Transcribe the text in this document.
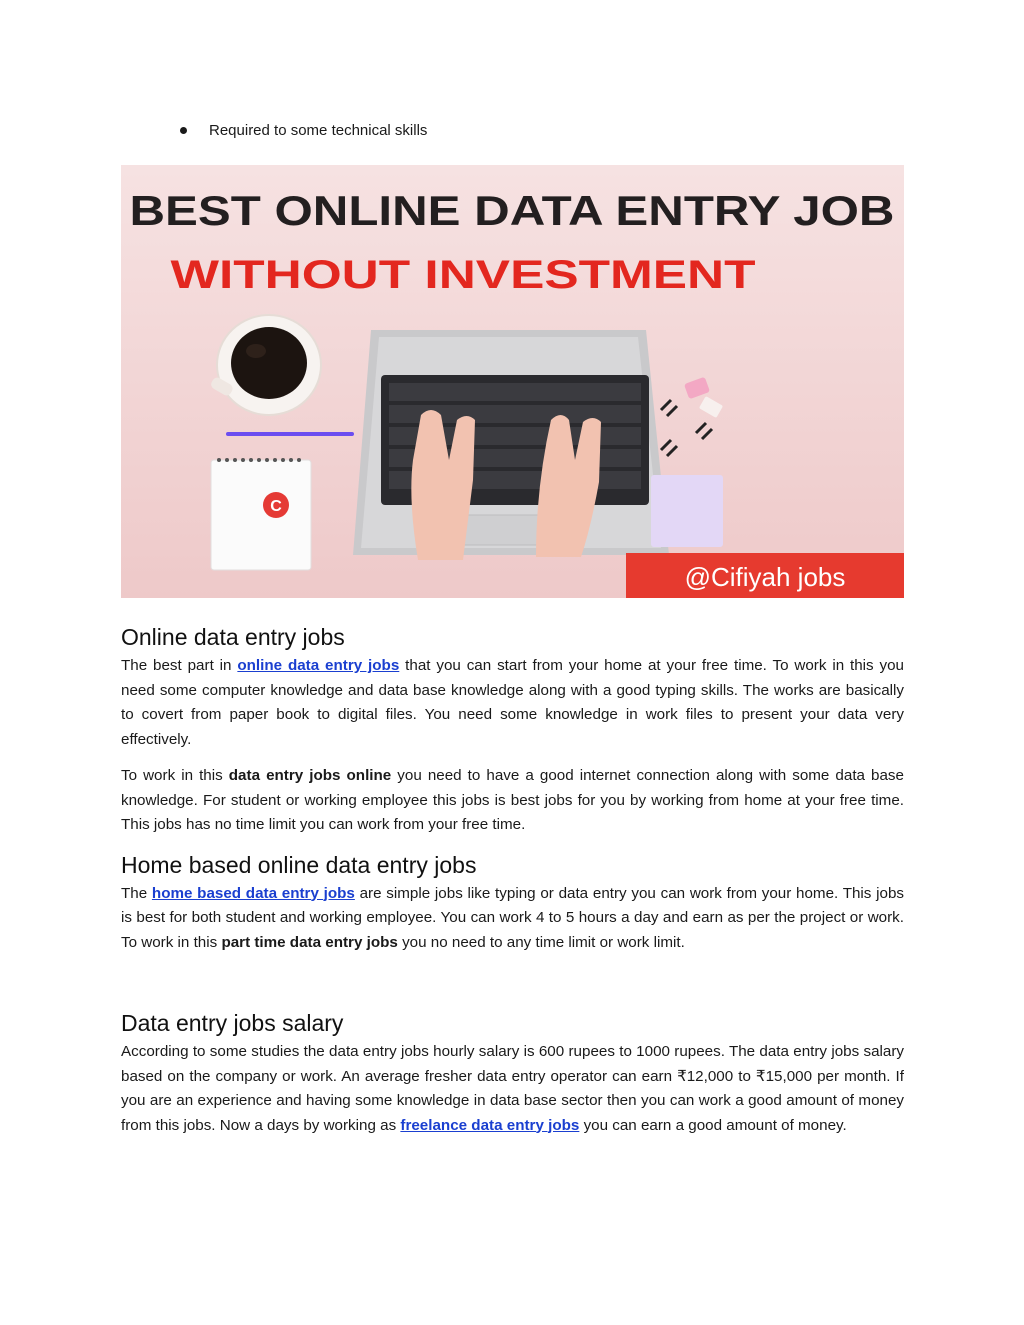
Required to some technical skills
BEST ONLINE DATA ENTRY JOB
WITHOUT INVESTMENT
C
@Cifiyah jobs
Online data entry jobs

The best part in online data entry jobs that you can start from your home at your free time. To work in this you need some computer knowledge and data base knowledge along with a good typing skills. The works are basically to covert from paper book to digital files. You need some knowledge in work files to present your data very effectively.

To work in this data entry jobs online you need to have a good internet connection along with some data base knowledge. For student or working employee this jobs is best jobs for you by working from home at your free time. This jobs has no time limit you can work from your free time.

Home based online data entry jobs

The home based data entry jobs are simple jobs like typing or data entry you can work from your home. This jobs is best for both student and working employee. You can work 4 to 5 hours a day and earn as per the project or work. To work in this part time data entry jobs you no need to any time limit or work limit.

Data entry jobs salary

According to some studies the data entry jobs hourly salary is 600 rupees to 1000 rupees. The data entry jobs salary based on the company or work. An average fresher data entry operator can earn ₹12,000 to ₹15,000 per month. If you are an experience and having some knowledge in data base sector then you can work a good amount of money from this jobs. Now a days by working as freelance data entry jobs you can earn a good amount of money.
